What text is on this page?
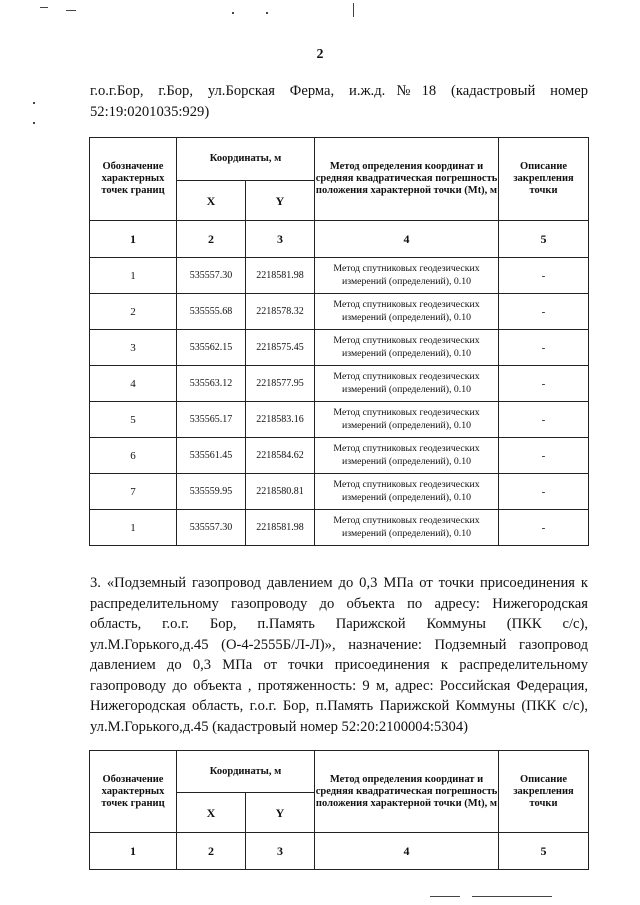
2
г.о.г.Бор, г.Бор, ул.Борская Ферма, и.ж.д.№18 (кадастровый номер 52:19:0201035:929)
Обозначение характерных точек границ	Координаты, м		Метод определения координат и средняя квадратическая погрешность положения характерной точки (Mt), м	Описание закрепления точки
	X	Y		
1	2	3	4	5
1	535557.30	2218581.98	Метод спутниковых геодезических измерений (определений), 0.10	-
2	535555.68	2218578.32	Метод спутниковых геодезических измерений (определений), 0.10	-
3	535562.15	2218575.45	Метод спутниковых геодезических измерений (определений), 0.10	-
4	535563.12	2218577.95	Метод спутниковых геодезических измерений (определений), 0.10	-
5	535565.17	2218583.16	Метод спутниковых геодезических измерений (определений), 0.10	-
6	535561.45	2218584.62	Метод спутниковых геодезических измерений (определений), 0.10	-
7	535559.95	2218580.81	Метод спутниковых геодезических измерений (определений), 0.10	-
1	535557.30	2218581.98	Метод спутниковых геодезических измерений (определений), 0.10	-
3. «Подземный газопровод давлением до 0,3 МПа от точки присоединения к распределительному газопроводу до объекта по адресу: Нижегородская область, г.о.г. Бор, п.Память Парижской Коммуны (ПКК с/с), ул.М.Горького,д.45 (О-4-2555Б/Л-Л)», назначение: Подземный газопровод давлением до 0,3 МПа от точки присоединения к распределительному газопроводу до объекта , протяженность: 9 м, адрес: Российская Федерация, Нижегородская область, г.о.г. Бор, п.Память Парижской Коммуны (ПКК с/с), ул.М.Горького,д.45 (кадастровый номер 52:20:2100004:5304)
Обозначение характерных точек границ	Координаты, м		Метод определения координат и средняя квадратическая погрешность положения характерной точки (Mt), м	Описание закрепления точки
	X	Y		
1	2	3	4	5
